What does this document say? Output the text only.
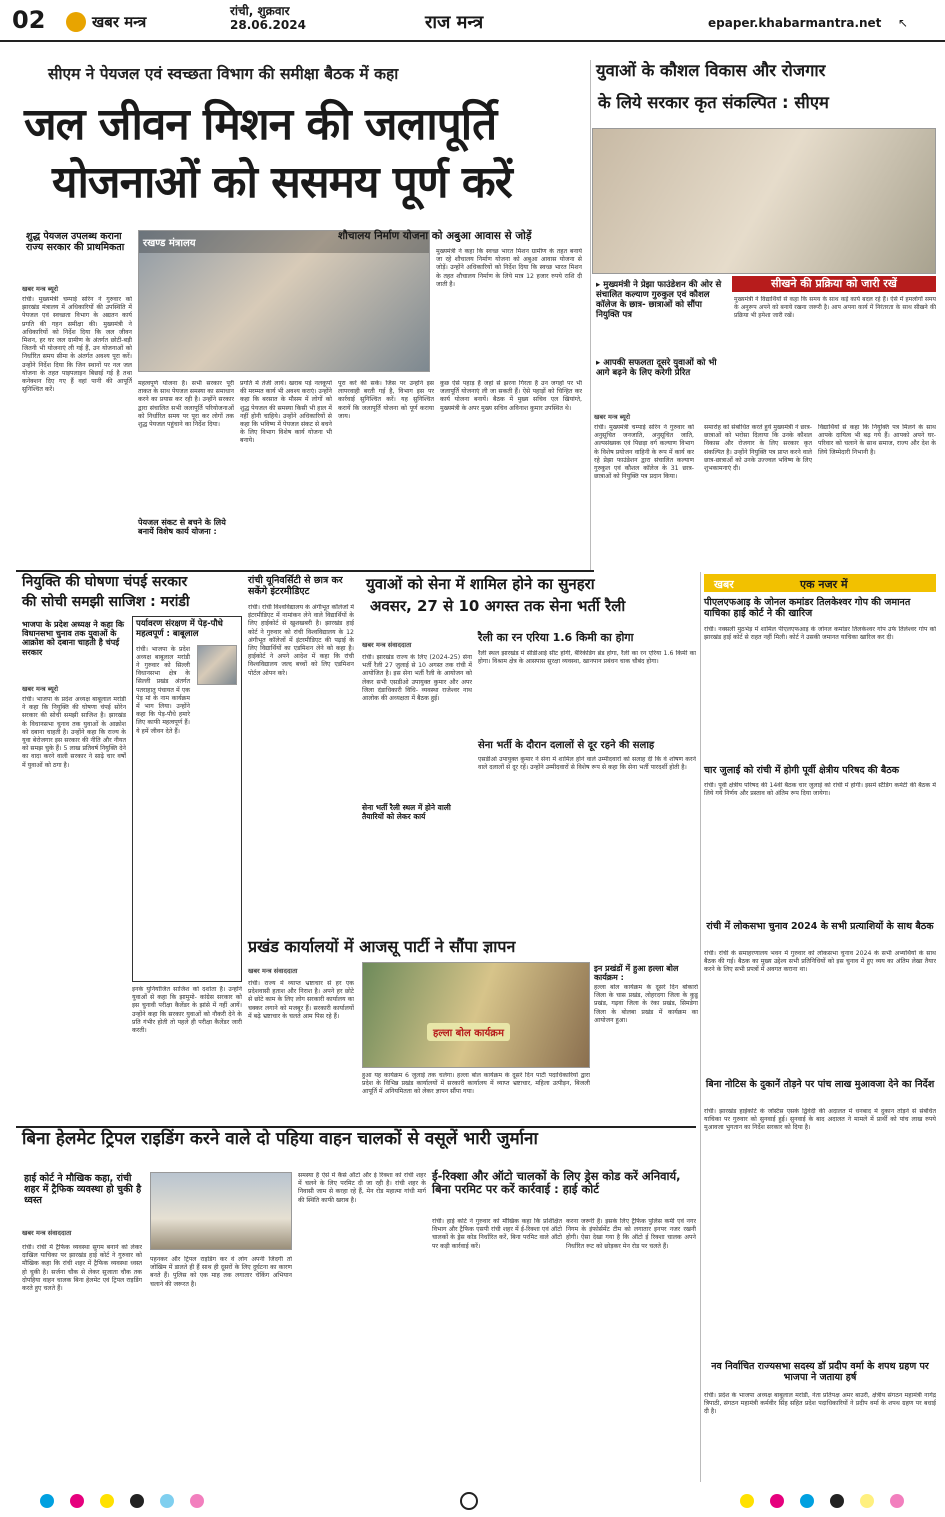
02	खबर मन्त्र
रांची, शुक्रवार
28.06.2024	राज मन्त्र	epaper.khabarmantra.net ↖
सीएम ने पेयजल एवं स्वच्छता विभाग की समीक्षा बैठक में कहा
जल जीवन मिशन की जलापूर्ति
योजनाओं को ससमय पूर्ण करें
शुद्ध पेयजल उपलब्ध कराना राज्य सरकार की प्राथमिकता
खबर मन्त्र ब्यूरो
रांची। मुख्यमंत्री चम्पाई सोरेन ने गुरुवार को झारखंड मंत्रालय में अधिकारियों की उपस्थिति में पेयजल एवं स्वच्छता विभाग के अद्यतन कार्य प्रगति की गहन समीक्षा की। मुख्यमंत्री ने अधिकारियों को निर्देश दिया कि जल जीवन मिशन, हर घर जल ग्रामीण के अंतर्गत छोटी-बड़ी जितनी भी योजनाएं ली गई हैं, उन योजनाओं को निर्धारित समय सीमा के अंतर्गत अवश्य पूरा करें। उन्होंने निर्देश दिया कि जिन स्थानों पर नल जल योजना के तहत पाइपलाइन बिछाई गई है तथा कनेक्शन दिए गए हैं वहां पानी की आपूर्ति सुनिश्चित करें।
रखण्ड मंत्रालय
महत्वपूर्ण योजना है। सभी सरकार पूरी ताकत के साथ पेयजल समस्या का समाधान करने का प्रयास कर रही है। उन्होंने सरकार द्वारा संचालित सभी जलापूर्ति परियोजनाओं को निर्धारित समय पर पूरा कर लोगों तक शुद्ध पेयजल पहुंचाने का निर्देश दिया।
पेयजल संकट से बचने के लिये बनायें विशेष कार्य योजना :
प्रगति में तेजी लायें। खराब पड़े नलकूपों की मरम्मत कार्य भी अवश्य कराएं। उन्होंने कहा कि बरसात के मौसम में लोगों को शुद्ध पेयजल की समस्या किसी भी हाल में नहीं होनी चाहिये। उन्होंने अधिकारियों से कहा कि भविष्य में पेयजल संकट से बचने के लिए विभाग विशेष कार्य योजना भी बनाये।
शौचालय निर्माण योजना को अबुआ आवास से जोड़ें
मुख्यमंत्री ने कहा कि स्वच्छ भारत मिशन ग्रामीण के तहत बनाये जा रहे शौचालय निर्माण योजना को अबुआ आवास योजना से जोड़ें। उन्होंने अधिकारियों को निर्देश दिया कि स्वच्छ भारत मिशन के तहत शौचालय निर्माण के लिये मात्र 12 हजार रुपये राशि दी जाती है।
पूरा करें की सकें। जिस पर उन्होंने इस लापरवाही बरती गई है, विभाग इस पर कार्रवाई सुनिश्चित करें। यह सुनिश्चित करायें कि जलापूर्ति योजना को पूर्ण कराया जाय।
कुछ ऐसे पहाड़ हैं जहां से झरना गिरता है उन जगहों पर भी जलापूर्ति योजनाएं ली जा सकती हैं। ऐसे पहाड़ों को चिन्हित कर कार्य योजना बनायें। बैठक में मुख्य सचिव एल खियांग्ते, मुख्यमंत्री के अपर मुख्य सचिव अविनाश कुमार उपस्थित थे।
युवाओं के कौशल विकास और रोजगार
के लिये सरकार कृत संकल्पित : सीएम
▸ मुख्यमंत्री ने प्रेझा फाउंडेशन की ओर से संचालित कल्याण गुरुकुल एवं कौशल कॉलेज के छात्र- छात्राओं को सौंपा नियुक्ति पत्र
▸ आपकी सफलता दूसरे युवाओं को भी आगे बढ़ने के लिए करेगी प्रेरित
सीखने की प्रक्रिया को जारी रखें
मुख्यमंत्री ने विद्यार्थियों से कहा कि समय के साथ कई कार्य बदल रहे हैं। ऐसे में हमलोगों समय के अनुरूप अपने को बनाये रखना जरूरी है। आप अपना कार्य में निरंतरता के साथ सीखने की प्रक्रिया भी हमेशा जारी रखें।
खबर मन्त्र ब्यूरो
रांची। मुख्यमंत्री चम्पाई सोरेन ने गुरुवार को अनुसूचित जनजाति, अनुसूचित जाति, अल्पसंख्यक एवं पिछड़ा वर्ग कल्याण विभाग के विशेष प्रयोजन वाहिनी के रूप में कार्य कर रहे प्रेझा फाउंडेशन द्वारा संचालित कल्याण गुरुकुल एवं कौशल कॉलेज के 31 छात्र-छात्राओं को नियुक्ति पत्र प्रदान किया।
समारोह को संबोधित करते हुये मुख्यमंत्री ने छात्र-छात्राओं को भरोसा दिलाया कि उनके कौशल विकास और रोजगार के लिए सरकार कृत संकल्पित है। उन्होंने नियुक्ति पत्र प्राप्त करने वाले छात्र-छात्राओं को उनके उज्ज्वल भविष्य के लिए शुभकामनाएं दी।
विद्यार्थियों से कहा कि नियुक्ति पत्र मिलने के साथ आपके दायित्व भी बढ़ गये हैं। आपको अपने घर- परिवार को चलाने के साथ समाज, राज्य और देश के लिये जिम्मेदारी निभानी है।
नियुक्ति की घोषणा चंपई सरकार
की सोची समझी साजिश : मरांडी
भाजपा के प्रदेश अध्यक्ष ने कहा कि विधानसभा चुनाव तक युवाओं के आक्रोश को दबाना चाहती है चंपई सरकार
खबर मन्त्र ब्यूरो
रांची। भाजपा के प्रदेश अध्यक्ष बाबूलाल मरांडी ने कहा कि नियुक्ति की घोषणा चंपई सोरेन सरकार की सोची समझी साजिश है। झारखंड के विधानसभा चुनाव तक युवाओं के आक्रोश को दबाना चाहती है। उन्होंने कहा कि राज्य के युवा बेरोजगार इस सरकार की नीति और नीयत को समझ चुके हैं। 5 लाख प्रतिवर्ष नियुक्ति देने का वादा करने वाली सरकार ने साढ़े चार वर्षों में युवाओं को ठगा है।
पर्यावरण संरक्षण में पेड़-पौधे महत्वपूर्ण : बाबूलाल
रांची। भाजपा के प्रदेश अध्यक्ष बाबूलाल मरांडी ने गुरुवार को सिल्ली विधानसभा क्षेत्र के सिल्ली प्रखंड अंतर्गत पतराहातु पंचायत में एक पेड़ मां के नाम कार्यक्रम में भाग लिया। उन्होंने कहा कि पेड़-पौधे हमारे लिए काफी महत्वपूर्ण हैं। ये हमें जीवन देते हैं।
इनके युनियोजित साजिश को दर्शाता है। उन्होंने युवाओं से कहा कि झामुमो- कांग्रेस सरकार को इस चुनावी परीक्षा कैलेंडर के झांसे में नहीं आयें। उन्होंने कहा कि सरकार युवाओं को नौकरी देने के प्रति गंभीर होती तो पहले ही परीक्षा कैलेंडर जारी करती।
रांची यूनिवर्सिटी से छात्र कर सकेंगे इंटरमीडिएट
रांची। रांची विश्वविद्यालय के अंगीभूत कॉलेजों में इंटरमीडिएट में नामांकन लेने वाले विद्यार्थियों के लिए हाईकोर्ट से खुशखबरी है। झारखंड हाई कोर्ट ने गुरुवार को रांची विश्वविद्यालय के 12 अंगीभूत कॉलेजों में इंटरमीडिएट की पढ़ाई के लिए विद्यार्थियों का एडमिशन लेने को कहा है। हाईकोर्ट ने अपने आदेश में कहा कि रांची विश्वविद्यालय जल्द बच्चों को लिए एडमिशन पोर्टल ओपन करे।
युवाओं को सेना में शामिल होने का सुनहरा
अवसर, 27 से 10 अगस्त तक सेना भर्ती रैली
खबर मन्त्र संवाददाता
रांची। झारखंड राज्य के लिए (2024-25) सेना भर्ती रैली 27 जुलाई से 10 अगस्त तक रांची में आयोजित है। इस सेना भर्ती रैली के आयोजन को लेकर सभी एसडीओ उपायुक्त कुमार और अपर जिला दंडाधिकारी विधि- व्यवस्था राजेश्वर नाथ आलोक की अध्यक्षता में बैठक हुई।
सेना भर्ती रैली स्थल में होने वाली तैयारियों को लेकर कार्य
रैली का रन एरिया 1.6 किमी का होगा
रैली स्थल झारखंड में सीडीआई सीट होगी, बैरिकेडिंग ब्रेड होगा, रैली का रन एरिया 1.6 किमी का होगा। विश्राम क्षेत्र के आसपास सुरक्षा व्यवस्था, खानपान प्रबंधन चाक चौबंद होगा।
सेना भर्ती के दौरान दलालों से दूर रहने की सलाह
एसडीओ उपायुक्त कुमार ने सेना में शामिल होने वाले उम्मीदवारों को सलाह दी कि वे शोषण करने वाले दलालों से दूर रहें। उन्होंने उम्मीदवारों से विशेष रूप से कहा कि सेना भर्ती पारदर्शी होती है।
खबर	एक नजर में
पीएलएफआइ के जोनल कमांडर तिलकेश्वर गोप की जमानत याचिका हाई कोर्ट ने की खारिज
रांची। नक्सली मुठभेड़ में शामिल पीएलएफआइ के जोनल कमांडर तिलकेश्वर गोप उर्फ तिलेश्वर गोप को झारखंड हाई कोर्ट से राहत नहीं मिली। कोर्ट ने उसकी जमानत याचिका खारिज कर दी।
चार जुलाई को रांची में होगी पूर्वी क्षेत्रीय परिषद की बैठक
रांची। पूर्वी क्षेत्रीय परिषद की 14वीं बैठक चार जुलाई को रांची में होगी। इसमें स्टैंडिंग कमेटी की बैठक में लिये गये निर्णय और प्रस्ताव को अंतिम रूप दिया जायेगा।
रांची में लोकसभा चुनाव 2024 के सभी प्रत्याशियों के साथ बैठक
रांची। रांची के समाहरणालय भवन में गुरुवार को लोकसभा चुनाव 2024 के सभी अभ्यर्थियों के साथ बैठक की गई। बैठक का मुख्य उद्देश्य सभी प्रतिनिधियों को इस चुनाव में हुए व्यय का अंतिम लेखा तैयार करने के लिए सभी प्रपत्रों में अवगत कराना था।
बिना नोटिस के दुकानें तोड़ने पर पांच लाख मुआवजा देने का निर्देश
रांची। झारखंड हाईकोर्ट के जस्टिस एसके द्विवेदी की अदालत में धनबाद में दुकान तोड़ने से संबंधित याचिका पर गुरुवार को सुनवाई हुई। सुनवाई के बाद अदालत ने मामले में प्रार्थी को पांच लाख रुपये मुआवजा भुगतान का निर्देश सरकार को दिया है।
नव निर्वाचित राज्यसभा सदस्य डॉ प्रदीप वर्मा के शपथ ग्रहण पर भाजपा ने जताया हर्ष
रांची। प्रदेश के भाजपा अध्यक्ष बाबूलाल मरांडी, नेता प्रतिपक्ष अमर बाउरी, क्षेत्रीय संगठन महामंत्री नागेंद्र त्रिपाठी, संगठन महामंत्री कर्मवीर सिंह सहित प्रदेश पदाधिकारियों ने प्रदीप वर्मा के शपथ ग्रहण पर बधाई दी है।
प्रखंड कार्यालयों में आजसू पार्टी ने सौंपा ज्ञापन
खबर मन्त्र संवाददाता
रांची। राज्य में व्याप्त भ्रष्टाचार से हर एक प्रदेशवासी हताश और निराश है। अपने हर छोटे से छोटे काम के लिए लोग सरकारी कार्यालय का चक्कर लगाने को मजबूर हैं। सरकारी कार्यालयों में बढ़े भ्रष्टाचार के चलते आम पिस रहे हैं।
हल्ला बोल कार्यक्रम
हुआ यह कार्यक्रम 6 जुलाई तक चलेगा। हल्ला बोल कार्यक्रम के दूसरे दिन पार्टी पदाधिकारियों द्वारा प्रदेश के विभिन्न प्रखंड कार्यालयों में सरकारी कार्यालय में व्याप्त भ्रष्टाचार, महिला उत्पीड़न, बिजली आपूर्ति में अनियमितता को लेकर ज्ञापन सौंपा गया।
इन प्रखंडों में हुआ हल्ला बोल कार्यक्रम :
हल्ला बोल कार्यक्रम के दूसरे दिन बोकारो जिला के चास प्रखंड, लोहरदगा जिला के कुडू प्रखंड, गढ़वा जिला के रंका प्रखंड, सिमडेगा जिला के बोलबा प्रखंड में कार्यक्रम का आयोजन हुआ।
बिना हेलमेट ट्रिपल राइडिंग करने वाले दो पहिया वाहन चालकों से वसूलें भारी जुर्माना
हाई कोर्ट ने मौखिक कहा, रांची शहर में ट्रैफिक व्यवस्था हो चुकी है ध्वस्त
खबर मन्त्र संवाददाता
रांची। रांची में ट्रैफिक व्यवस्था सुगम बनाने को लेकर दाखिल याचिका पर झारखंड हाई कोर्ट ने गुरुवार को मौखिक कहा कि रांची शहर में ट्रैफिक व्यवस्था ध्वस्त हो चुकी है। सर्जना चौक से लेकर सुजाता चौक तक दोपहिया वाहन चालक बिना हेलमेट एवं ट्रिपल राइडिंग करते हुए चलते हैं।
पहनकर और ट्रिपल राइडिंग कर वे लोग अपनी जिंदगी तो जोखिम में डालते ही हैं साथ ही दूसरों के लिए दुर्घटना का कारण बनते हैं। पुलिस को एक माह तक लगातार चेकिंग अभियान चलाने की जरूरत है।
समस्या है ऐसे में कैसे ऑटो और ई रिक्शा को रांची शहर में चलने के लिए परमिट दी जा रही है। रांची शहर के निवासी जाम से करहा रहे हैं, मेन रोड महात्मा गांधी मार्ग की स्थिति काफी खराब है।
ई-रिक्शा और ऑटो चालकों के लिए ड्रेस कोड करें अनिवार्य, बिना परमिट पर करें कार्रवाई : हाई कोर्ट
रांची। हाई कोर्ट ने गुरुवार को मौखिक कहा कि प्रशिक्षित विभाग और ट्रैफिक एसपी रांची शहर में ई-रिक्शा एवं ऑटो चालकों के ड्रेस कोड निर्धारित करें, बिना परमिट वाले ऑटो पर कड़ी कार्रवाई करें।
करना जरूरी है। इसके लिए ट्रैफिक पुलिस कर्मी एवं नगर निगम के इंफोर्समेंट टीम को लगातार इनपर नजर रखनी होगी। ऐसा देखा गया है कि ऑटो ई रिक्शा चालक अपने निर्धारित रूट को छोड़कर मेन रोड पर चलते हैं।
